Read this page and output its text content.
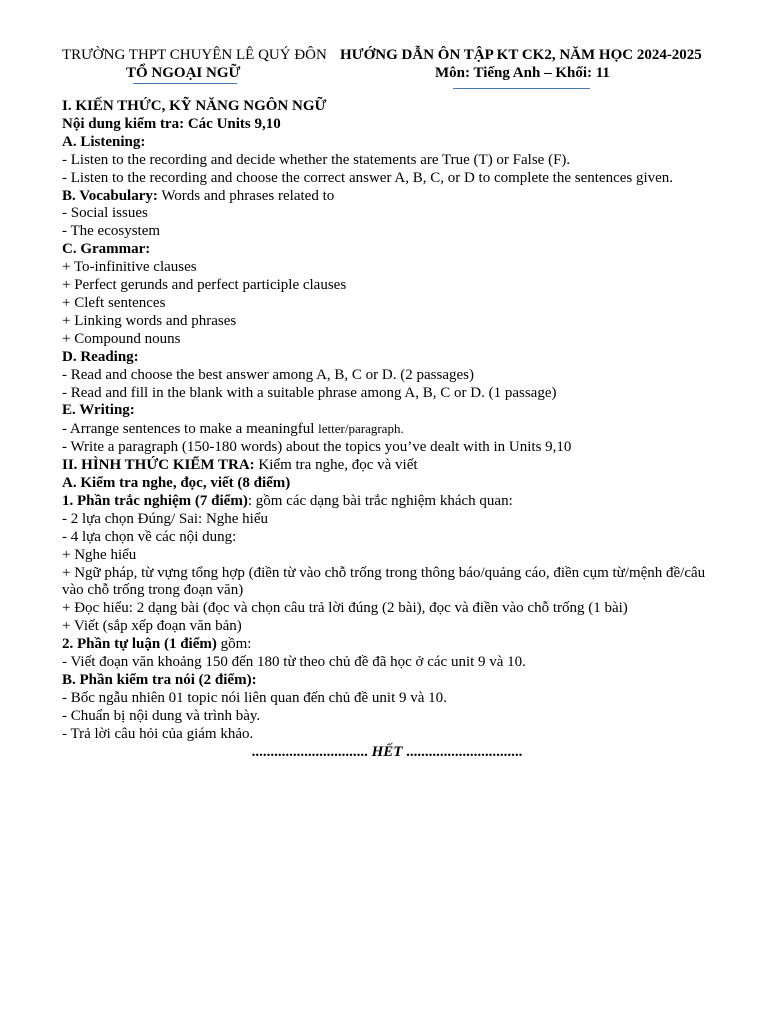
TRƯỜNG THPT CHUYÊN LÊ QUÝ ĐÔN
TỔ NGOẠI NGỮ
HƯỚNG DẪN ÔN TẬP KT CK2, NĂM HỌC 2024-2025
Môn: Tiếng Anh – Khối: 11
I. KIẾN THỨC, KỸ NĂNG NGÔN NGỮ
Nội dung kiểm tra: Các Units 9,10
A. Listening:
- Listen to the recording and decide whether the statements are True (T) or False (F).
- Listen to the recording and choose the correct answer A, B, C, or D to complete the sentences given.
B. Vocabulary: Words and phrases related to
- Social issues
- The ecosystem
C. Grammar:
+ To-infinitive clauses
+ Perfect gerunds and perfect participle clauses
+ Cleft sentences
+ Linking words and phrases
+ Compound nouns
D. Reading:
- Read and choose the best answer among A, B, C or D. (2 passages)
- Read and fill in the blank with a suitable phrase among A, B, C or D. (1 passage)
E. Writing:
- Arrange sentences to make a meaningful letter/paragraph.
- Write a paragraph (150-180 words) about the topics you’ve dealt with in Units 9,10
II. HÌNH THỨC KIỂM TRA: Kiểm tra nghe, đọc và viết
A. Kiểm tra nghe, đọc, viết (8 điểm)
1. Phần trắc nghiệm (7 điểm): gồm các dạng bài trắc nghiệm khách quan:
- 2 lựa chọn Đúng/ Sai: Nghe hiểu
- 4 lựa chọn về các nội dung:
+ Nghe hiểu
+ Ngữ pháp, từ vựng tổng hợp (điền từ vào chỗ trống trong thông báo/quảng cáo, điền cụm từ/mệnh đề/câu vào chỗ trống trong đoạn văn)
+ Đọc hiểu: 2 dạng bài (đọc và chọn câu trả lời đúng (2 bài), đọc và điền vào chỗ trống (1 bài)
+ Viết (sắp xếp đoạn văn bản)
2. Phần tự luận (1 điểm) gồm:
- Viết đoạn văn khoảng 150 đến 180 từ theo chủ đề đã học ở các unit 9 và 10.
B. Phần kiểm tra nói (2 điểm):
- Bốc ngẫu nhiên 01 topic nói liên quan đến chủ đề unit 9 và 10.
- Chuẩn bị nội dung và trình bày.
- Trả lời câu hỏi của giám khảo.
............................... HẾT ...............................
